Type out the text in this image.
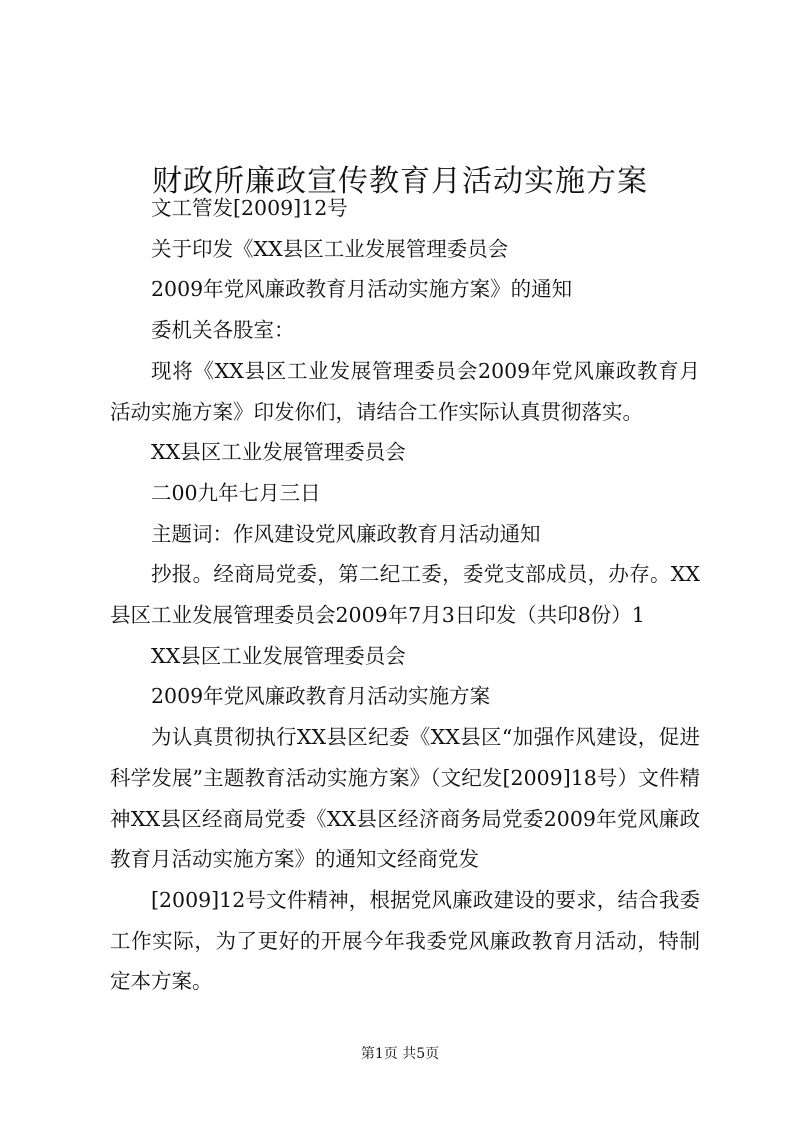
财政所廉政宣传教育月活动实施方案

文工管发[2009]12号

关于印发《XX县区工业发展管理委员会

2009年党风廉政教育月活动实施方案》的通知

委机关各股室：

现将《XX县区工业发展管理委员会2009年党风廉政教育月活动实施方案》印发你们，请结合工作实际认真贯彻落实。

XX县区工业发展管理委员会

二00九年七月三日

主题词：作风建设党风廉政教育月活动通知

抄报。经商局党委，第二纪工委，委党支部成员，办存。XX县区工业发展管理委员会2009年7月3日印发（共印8份）1

XX县区工业发展管理委员会

2009年党风廉政教育月活动实施方案

为认真贯彻执行XX县区纪委《XX县区“加强作风建设，促进科学发展”主题教育活动实施方案》（文纪发[2009]18号）文件精神XX县区经商局党委《XX县区经济商务局党委2009年党风廉政教育月活动实施方案》的通知文经商党发

[2009]12号文件精神，根据党风廉政建设的要求，结合我委工作实际，为了更好的开展今年我委党风廉政教育月活动，特制定本方案。

第1页 共5页
